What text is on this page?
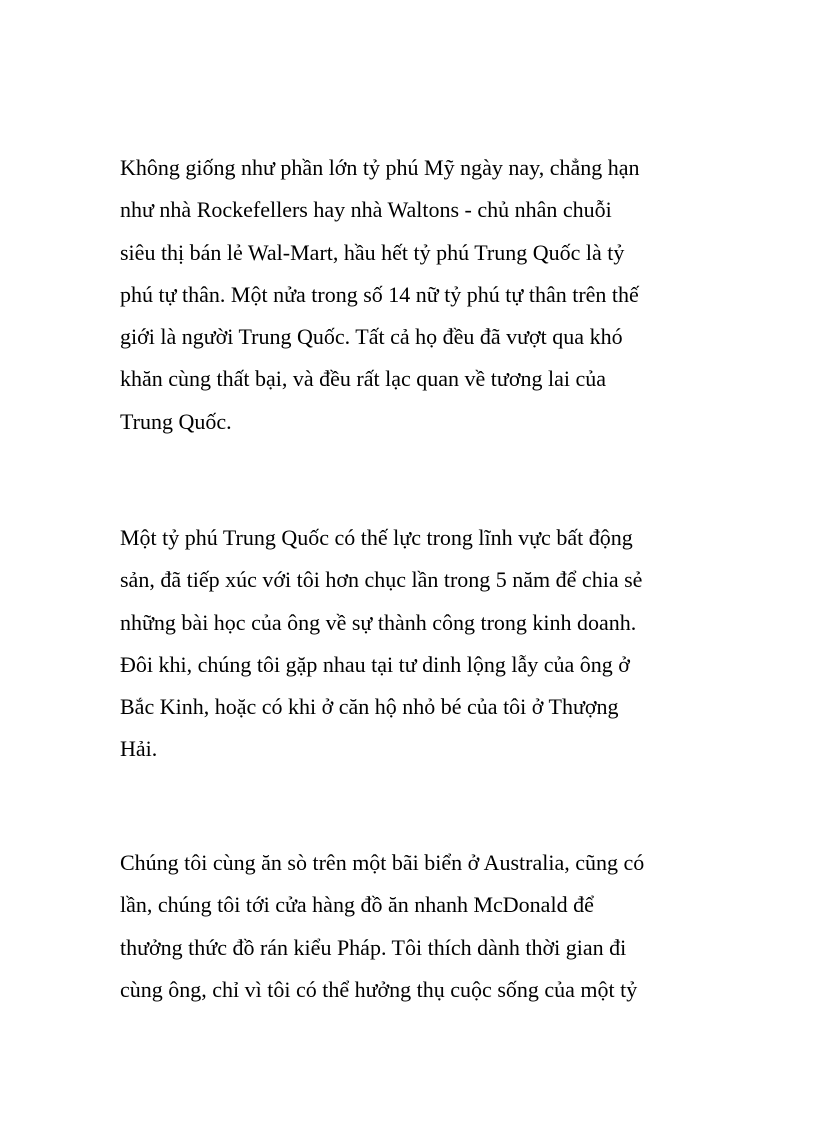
Không giống như phần lớn tỷ phú Mỹ ngày nay, chẳng hạn
như nhà Rockefellers hay nhà Waltons - chủ nhân chuỗi
siêu thị bán lẻ Wal-Mart, hầu hết tỷ phú Trung Quốc là tỷ
phú tự thân. Một nửa trong số 14 nữ tỷ phú tự thân trên thế
giới là người Trung Quốc. Tất cả họ đều đã vượt qua khó
khăn cùng thất bại, và đều rất lạc quan về tương lai của
Trung Quốc.

Một tỷ phú Trung Quốc có thế lực trong lĩnh vực bất động
sản, đã tiếp xúc với tôi hơn chục lần trong 5 năm để chia sẻ
những bài học của ông về sự thành công trong kinh doanh.
Đôi khi, chúng tôi gặp nhau tại tư dinh lộng lẫy của ông ở
Bắc Kinh, hoặc có khi ở căn hộ nhỏ bé của tôi ở Thượng
Hải.

Chúng tôi cùng ăn sò trên một bãi biển ở Australia, cũng có
lần, chúng tôi tới cửa hàng đồ ăn nhanh McDonald để
thưởng thức đồ rán kiểu Pháp. Tôi thích dành thời gian đi
cùng ông, chỉ vì tôi có thể hưởng thụ cuộc sống của một tỷ
